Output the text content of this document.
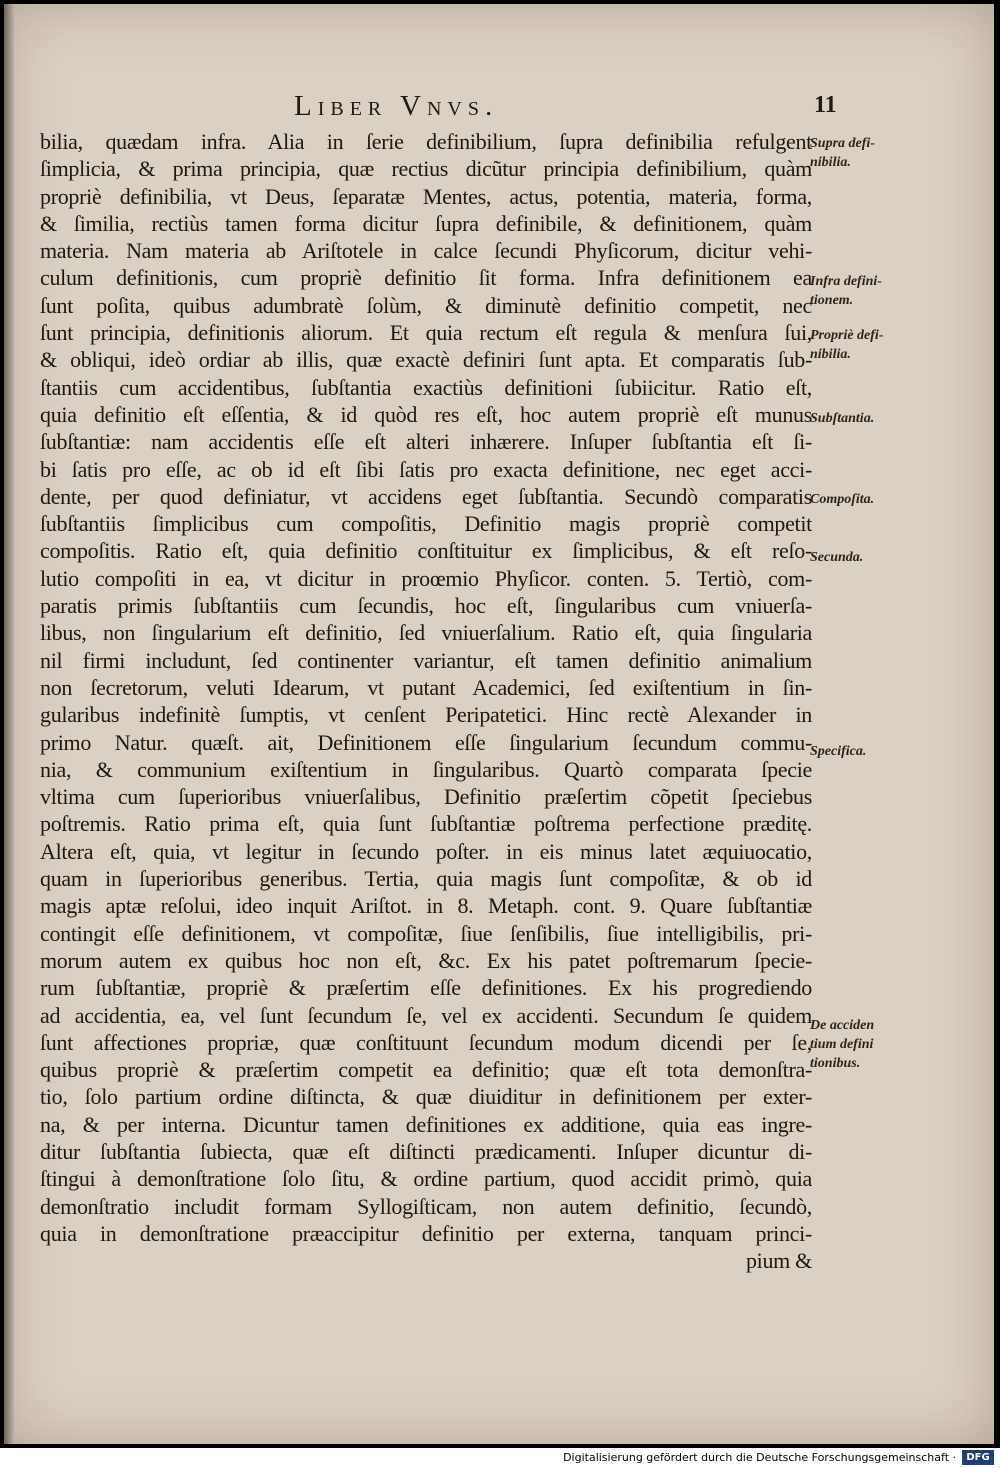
Liber Vnvs.	11
bilia, quædam infra. Alia in ſerie definibilium, ſupra definibilia refulgent
ſimplicia, & prima principia, quæ rectius dicũtur principia definibilium, quàm
propriè definibilia, vt Deus, ſeparatæ Mentes, actus, potentia, materia, forma,
& ſimilia, rectiùs tamen forma dicitur ſupra definibile, & definitionem, quàm
materia. Nam materia ab Ariſtotele in calce ſecundi Phyſicorum, dicitur vehi-
culum definitionis, cum propriè definitio ſit forma. Infra definitionem ea
ſunt poſita, quibus adumbratè ſolùm, & diminutè definitio competit, nec
ſunt principia, definitionis aliorum. Et quia rectum eſt regula & menſura ſui,
& obliqui, ideò ordiar ab illis, quæ exactè definiri ſunt apta. Et comparatis ſub-
ſtantiis cum accidentibus, ſubſtantia exactiùs definitioni ſubiicitur. Ratio eſt,
quia definitio eſt eſſentia, & id quòd res eſt, hoc autem propriè eſt munus
ſubſtantiæ: nam accidentis eſſe eſt alteri inhærere. Inſuper ſubſtantia eſt ſi-
bi ſatis pro eſſe, ac ob id eſt ſibi ſatis pro exacta definitione, nec eget acci-
dente, per quod definiatur, vt accidens eget ſubſtantia. Secundò comparatis
ſubſtantiis ſimplicibus cum compoſitis, Definitio magis propriè competit
compoſitis. Ratio eſt, quia definitio conſtituitur ex ſimplicibus, & eſt reſo-
lutio compoſiti in ea, vt dicitur in proœmio Phyſicor. conten. 5. Tertiò, com-
paratis primis ſubſtantiis cum ſecundis, hoc eſt, ſingularibus cum vniuerſa-
libus, non ſingularium eſt definitio, ſed vniuerſalium. Ratio eſt, quia ſingularia
nil firmi includunt, ſed continenter variantur, eſt tamen definitio animalium
non ſecretorum, veluti Idearum, vt putant Academici, ſed exiſtentium in ſin-
gularibus indefinitè ſumptis, vt cenſent Peripatetici. Hinc rectè Alexander in
primo Natur. quæſt. ait, Definitionem eſſe ſingularium ſecundum commu-
nia, & communium exiſtentium in ſingularibus. Quartò comparata ſpecie
vltima cum ſuperioribus vniuerſalibus, Definitio præſertim cõpetit ſpeciebus
poſtremis. Ratio prima eſt, quia ſunt ſubſtantiæ poſtrema perfectione præditę.
Altera eſt, quia, vt legitur in ſecundo poſter. in eis minus latet æquiuocatio,
quam in ſuperioribus generibus. Tertia, quia magis ſunt compoſitæ, & ob id
magis aptæ reſolui, ideo inquit Ariſtot. in 8. Metaph. cont. 9. Quare ſubſtantiæ
contingit eſſe definitionem, vt compoſitæ, ſiue ſenſibilis, ſiue intelligibilis, pri-
morum autem ex quibus hoc non eſt, &c. Ex his patet poſtremarum ſpecie-
rum ſubſtantiæ, propriè & præſertim eſſe definitiones. Ex his progrediendo
ad accidentia, ea, vel ſunt ſecundum ſe, vel ex accidenti. Secundum ſe quidem
ſunt affectiones propriæ, quæ conſtituunt ſecundum modum dicendi per ſe,
quibus propriè & præſertim competit ea definitio; quæ eſt tota demonſtra-
tio, ſolo partium ordine diſtincta, & quæ diuiditur in definitionem per exter-
na, & per interna. Dicuntur tamen definitiones ex additione, quia eas ingre-
ditur ſubſtantia ſubiecta, quæ eſt diſtincti prædicamenti. Inſuper dicuntur di-
ſtingui à demonſtratione ſolo ſitu, & ordine partium, quod accidit primò, quia
demonſtratio includit formam Syllogiſticam, non autem definitio, ſecundò,
quia in demonſtratione præaccipitur definitio per externa, tanquam princi-
pium &
Supra defi-
nibilia.
Infra defini-
tionem.
Propriè defi-
nibilia.
Subſtantia.
Compoſita.
Secunda.
Specifica.
De acciden
tium defini
tionibus.
Digitalisierung gefördert durch die Deutsche Forschungsgemeinschaft ·	DFG
